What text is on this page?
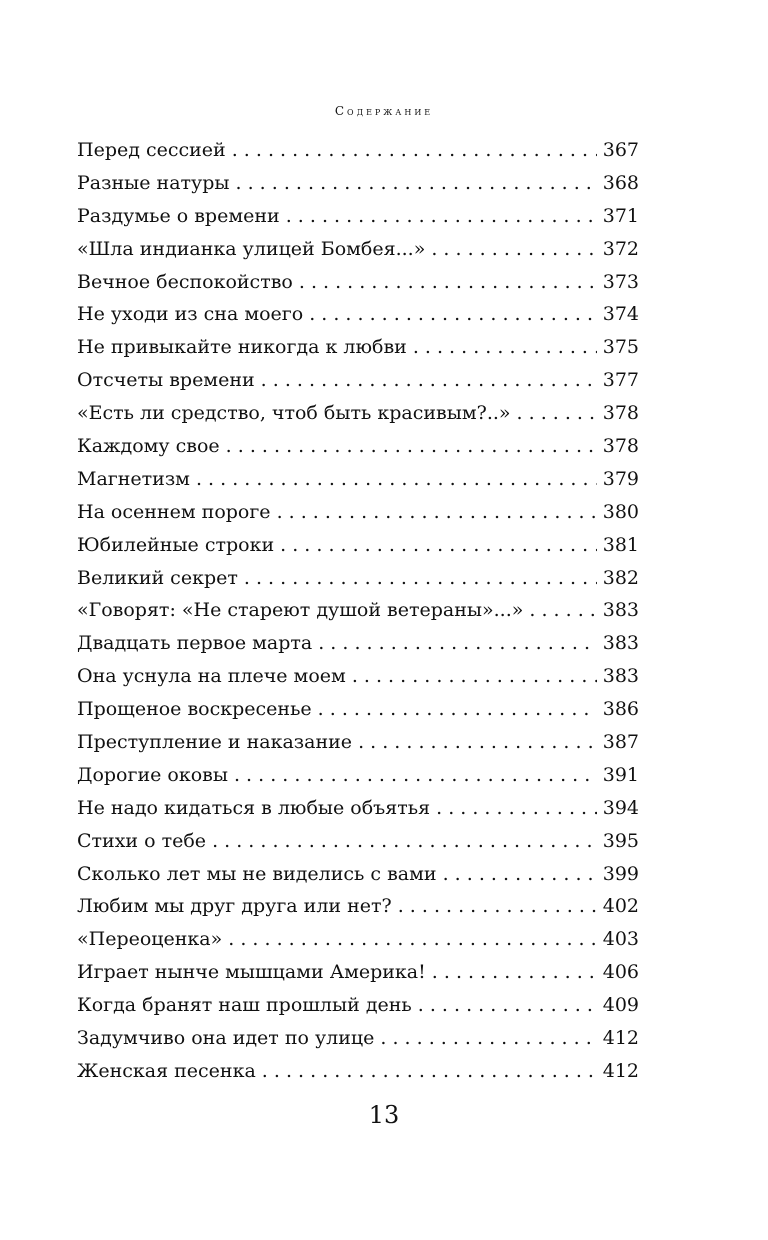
Содержание
Перед сессией . . .	367
Разные натуры . . .	368
Раздумье о времени . . .	371
«Шла индианка улицей Бомбея...» . . .	372
Вечное беспокойство . . .	373
Не уходи из сна моего . . .	374
Не привыкайте никогда к любви . . .	375
Отсчеты времени . . .	377
«Есть ли средство, чтоб быть красивым?..» . . .	378
Каждому свое . . .	378
Магнетизм . . .	379
На осеннем пороге . . .	380
Юбилейные строки . . .	381
Великий секрет . . .	382
«Говорят: «Не стареют душой ветераны»...» . . .	383
Двадцать первое марта . . .	383
Она уснула на плече моем . . .	383
Прощеное воскресенье . . .	386
Преступление и наказание . . .	387
Дорогие оковы . . .	391
Не надо кидаться в любые объятья . . .	394
Стихи о тебе . . .	395
Сколько лет мы не виделись с вами . . .	399
Любим мы друг друга или нет? . . .	402
«Переоценка» . . .	403
Играет нынче мышцами Америка! . . .	406
Когда бранят наш прошлый день . . .	409
Задумчиво она идет по улице . . .	412
Женская песенка . . .	412
13
